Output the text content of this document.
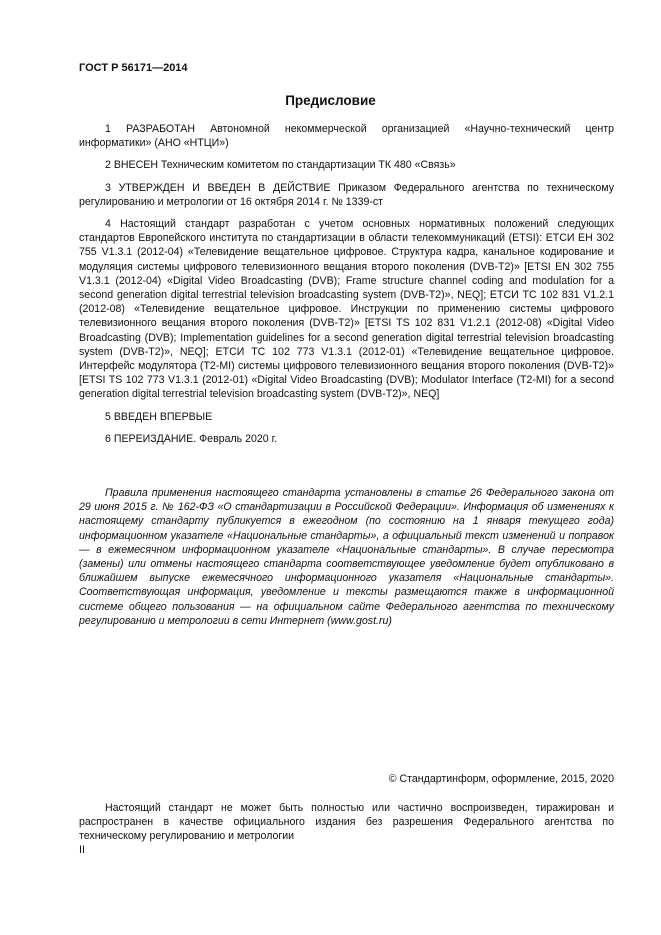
ГОСТ Р 56171—2014
Предисловие

1 РАЗРАБОТАН Автономной некоммерческой организацией «Научно-технический центр информатики» (АНО «НТЦИ»)

2 ВНЕСЕН Техническим комитетом по стандартизации ТК 480 «Связь»

3 УТВЕРЖДЕН И ВВЕДЕН В ДЕЙСТВИЕ Приказом Федерального агентства по техническому регулированию и метрологии от 16 октября 2014 г. № 1339-ст

4 Настоящий стандарт разработан с учетом основных нормативных положений следующих стандартов Европейского института по стандартизации в области телекоммуникаций (ETSI): ЕТСИ ЕН 302 755 V1.3.1 (2012-04) «Телевидение вещательное цифровое. Структура кадра, канальное кодирование и модуляция системы цифрового телевизионного вещания второго поколения (DVB-T2)» [ETSI EN 302 755 V1.3.1 (2012-04) «Digital Video Broadcasting (DVB); Frame structure channel coding and modulation for a second generation digital terrestrial television broadcasting system (DVB-T2)», NEQ]; ЕТСИ ТС 102 831 V1.2.1 (2012-08) «Телевидение вещательное цифровое. Инструкции по применению системы цифрового телевизионного вещания второго поколения (DVB-T2)» [ETSI TS 102 831 V1.2.1 (2012-08) «Digital Video Broadcasting (DVB); Implementation guidelines for a second generation digital terrestrial television broadcasting system (DVB-T2)», NEQ]; ЕТСИ ТС 102 773 V1.3.1 (2012-01) «Телевидение вещательное цифровое. Интерфейс модулятора (T2-MI) системы цифрового телевизионного вещания второго поколения (DVB-T2)» [ETSI TS 102 773 V1.3.1 (2012-01) «Digital Video Broadcasting (DVB); Modulator Interface (T2-MI) for a second generation digital terrestrial television broadcasting system (DVB-T2)», NEQ]

5 ВВЕДЕН ВПЕРВЫЕ

6 ПЕРЕИЗДАНИЕ. Февраль 2020 г.

Правила применения настоящего стандарта установлены в статье 26 Федерального закона от 29 июня 2015 г. № 162-ФЗ «О стандартизации в Российской Федерации». Информация об изменениях к настоящему стандарту публикуется в ежегодном (по состоянию на 1 января текущего года) информационном указателе «Национальные стандарты», а официальный текст изменений и поправок — в ежемесячном информационном указателе «Национальные стандарты». В случае пересмотра (замены) или отмены настоящего стандарта соответствующее уведомление будет опубликовано в ближайшем выпуске ежемесячного информационного указателя «Национальные стандарты». Соответствующая информация, уведомление и тексты размещаются также в информационной системе общего пользования — на официальном сайте Федерального агентства по техническому регулированию и метрологии в сети Интернет (www.gost.ru)

© Стандартинформ, оформление, 2015, 2020

Настоящий стандарт не может быть полностью или частично воспроизведен, тиражирован и распространен в качестве официального издания без разрешения Федерального агентства по техническому регулированию и метрологии

II
